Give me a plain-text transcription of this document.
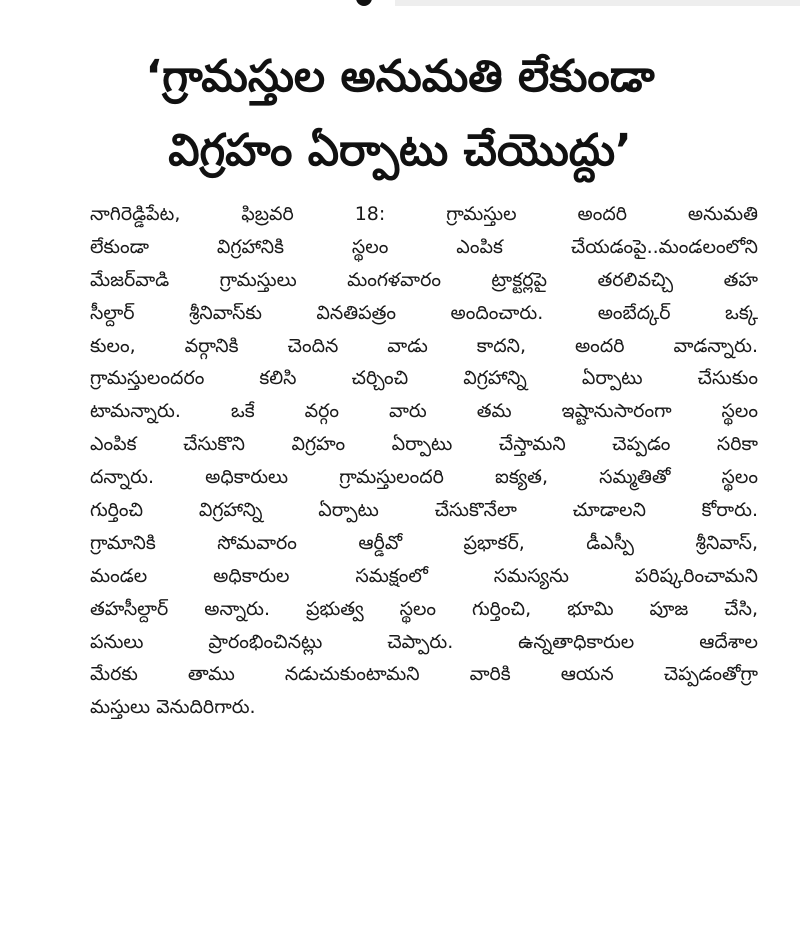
‘గ్రామస్తుల అనుమతి లేకుండా
విగ్రహం ఏర్పాటు చేయొద్దు’
నాగిరెడ్డిపేట, ఫిబ్రవరి 18: గ్రామస్తుల అందరి అనుమతి
లేకుండా విగ్రహానికి స్థలం ఎంపిక చేయడంపై..మండలంలోని
మేజర్‌వాడి గ్రామస్తులు మంగళవారం ట్రాక్టర్లపై తరలివచ్చి తహ
సీల్దార్ శ్రీనివాస్‌కు వినతిపత్రం అందించారు. అంబేద్కర్ ఒక్క
కులం, వర్గానికి చెందిన వాడు కాదని, అందరి వాడన్నారు.
గ్రామస్తులందరం కలిసి చర్చించి విగ్రహాన్ని ఏర్పాటు చేసుకుం
టామన్నారు. ఒకే వర్గం వారు తమ ఇష్టానుసారంగా స్థలం
ఎంపిక చేసుకొని విగ్రహం ఏర్పాటు చేస్తామని చెప్పడం సరికా
దన్నారు. అధికారులు గ్రామస్తులందరి ఐక్యత, సమ్మతితో స్థలం
గుర్తించి విగ్రహాన్ని ఏర్పాటు చేసుకొనేలా చూడాలని కోరారు.
గ్రామానికి సోమవారం ఆర్డీవో ప్రభాకర్, డీఎస్పీ శ్రీనివాస్,
మండల అధికారుల సమక్షంలో సమస్యను పరిష్కరించామని
తహసీల్దార్ అన్నారు. ప్రభుత్వ స్థలం గుర్తించి, భూమి పూజ చేసి,
పనులు ప్రారంభించినట్లు చెప్పారు. ఉన్నతాధికారుల ఆదేశాల
మేరకు తాము నడుచుకుంటామని వారికి ఆయన చెప్పడంతోగ్రా
మస్తులు వెనుదిరిగారు.
